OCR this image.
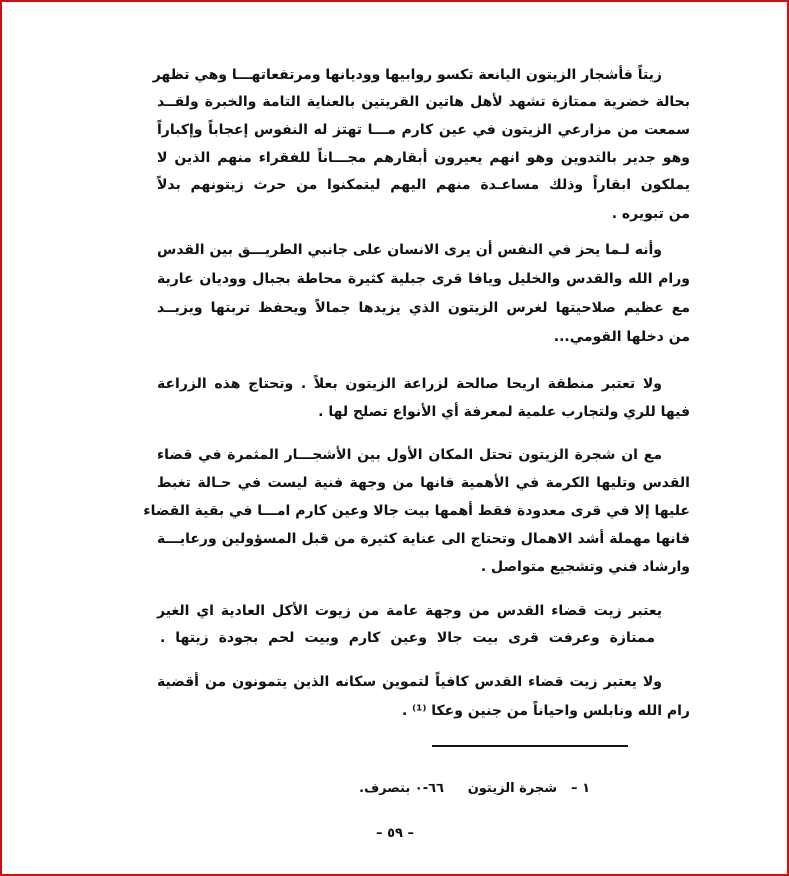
زيتاً فأشجار الزيتون اليانعة تكسو روابيها ووديانها ومرتفعاتهـــا وهي تظهر
بحالة خضرية ممتازة تشهد لأهل هاتين القريتين بالعناية التامة والخبرة ولقــد
سمعت من مزارعي الزيتون في عين كارم مـــا تهتز له النفوس إعجاباً وإكباراً
وهو جدير بالتدوين وهو انهم يعيرون أبقارهم مجـــاناً للفقراء منهم الذين لا
يملكون ابقاراً وذلك مساعـدة منهم اليهم ليتمكنوا من حرث زيتونهم بدلاً
من تبويره .
وأنه لـما يحز في النفس أن يرى الانسان على جانبي الطريـــق بين القدس
ورام الله والقدس والخليل ويافا قرى جبلية كثيرة محاطة بجبال ووديان عارية
مع عظيم صلاحيتها لغرس الزيتون الذي يزيدها جمالاً ويحفظ تربتها ويزيــد
من دخلها القومي...
ولا تعتبر منطقة اريحا صالحة لزراعة الزيتون بعلاً . وتحتاج هذه الزراعة
فيها للري ولتجارب علمية لمعرفة أي الأنواع تصلح لها .
مع ان شجرة الزيتون تحتل المكان الأول بين الأشجـــار المثمرة في قضاء
القدس وتليها الكرمة في الأهمية فانها من وجهة فنية ليست في حـالة تغبط
عليها إلا في قرى معدودة فقط أهمها بيت جالا وعين كارم امـــا في بقية القضاء
فانها مهملة أشد الاهمال وتحتاج الى عناية كثيرة من قبل المسؤولين ورعايـــة
وارشاد فني وتشجيع متواصل .
يعتبر زيت قضاء القدس من وجهة عامة من زيوت الأكل العادية اي الغير
ممتازة وعرفت قرى بيت جالا وعين كارم وبيت لحم بجودة زيتها .
ولا يعتبر زيت قضاء القدس كافياً لتموين سكانه الذين يتمونون من أقضية
رام الله ونابلس واحياناً من جنين وعكا ⁽¹⁾ .
١ –
شجرة الزيتون
٦٦-٠ بتصرف.
– ٥٩ –
